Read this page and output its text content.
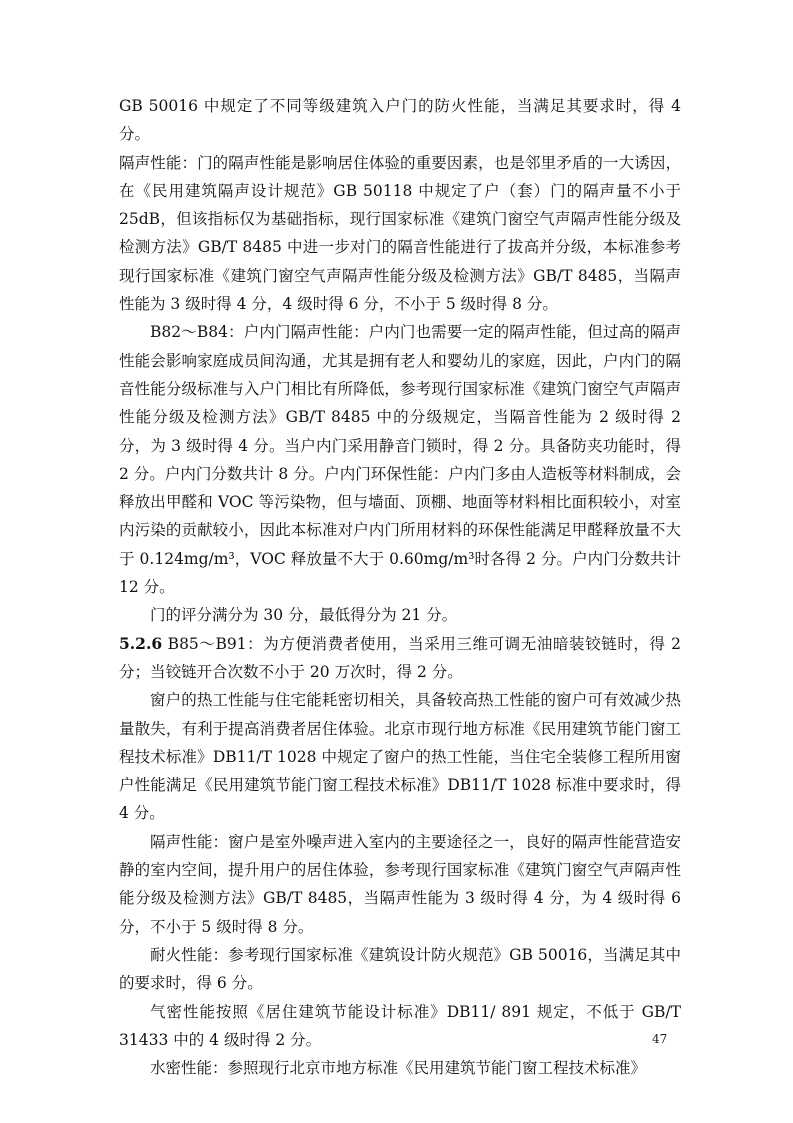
GB 50016 中规定了不同等级建筑入户门的防火性能，当满足其要求时，得 4 分。

隔声性能：门的隔声性能是影响居住体验的重要因素，也是邻里矛盾的一大诱因，在《民用建筑隔声设计规范》GB 50118 中规定了户（套）门的隔声量不小于 25dB，但该指标仅为基础指标，现行国家标准《建筑门窗空气声隔声性能分级及检测方法》GB/T 8485 中进一步对门的隔音性能进行了拔高并分级，本标准参考现行国家标准《建筑门窗空气声隔声性能分级及检测方法》GB/T 8485，当隔声性能为 3 级时得 4 分，4 级时得 6 分，不小于 5 级时得 8 分。

B82～B84：户内门隔声性能：户内门也需要一定的隔声性能，但过高的隔声性能会影响家庭成员间沟通，尤其是拥有老人和婴幼儿的家庭，因此，户内门的隔音性能分级标准与入户门相比有所降低，参考现行国家标准《建筑门窗空气声隔声性能分级及检测方法》GB/T 8485 中的分级规定，当隔音性能为 2 级时得 2 分，为 3 级时得 4 分。当户内门采用静音门锁时，得 2 分。具备防夹功能时，得 2 分。户内门分数共计 8 分。户内门环保性能：户内门多由人造板等材料制成，会释放出甲醛和 VOC 等污染物，但与墙面、顶棚、地面等材料相比面积较小，对室内污染的贡献较小，因此本标准对户内门所用材料的环保性能满足甲醛释放量不大于 0.124mg/m³，VOC 释放量不大于 0.60mg/m³时各得 2 分。户内门分数共计 12 分。

门的评分满分为 30 分，最低得分为 21 分。

5.2.6 B85～B91：为方便消费者使用，当采用三维可调无油暗装铰链时，得 2 分；当铰链开合次数不小于 20 万次时，得 2 分。

窗户的热工性能与住宅能耗密切相关，具备较高热工性能的窗户可有效减少热量散失，有利于提高消费者居住体验。北京市现行地方标准《民用建筑节能门窗工程技术标准》DB11/T 1028 中规定了窗户的热工性能，当住宅全装修工程所用窗户性能满足《民用建筑节能门窗工程技术标准》DB11/T 1028 标准中要求时，得 4 分。

隔声性能：窗户是室外噪声进入室内的主要途径之一，良好的隔声性能营造安静的室内空间，提升用户的居住体验，参考现行国家标准《建筑门窗空气声隔声性能分级及检测方法》GB/T 8485，当隔声性能为 3 级时得 4 分，为 4 级时得 6 分，不小于 5 级时得 8 分。

耐火性能：参考现行国家标准《建筑设计防火规范》GB 50016，当满足其中的要求时，得 6 分。

气密性能按照《居住建筑节能设计标准》DB11/ 891 规定，不低于 GB/T 31433 中的 4 级时得 2 分。

水密性能：参照现行北京市地方标准《民用建筑节能门窗工程技术标准》

47
